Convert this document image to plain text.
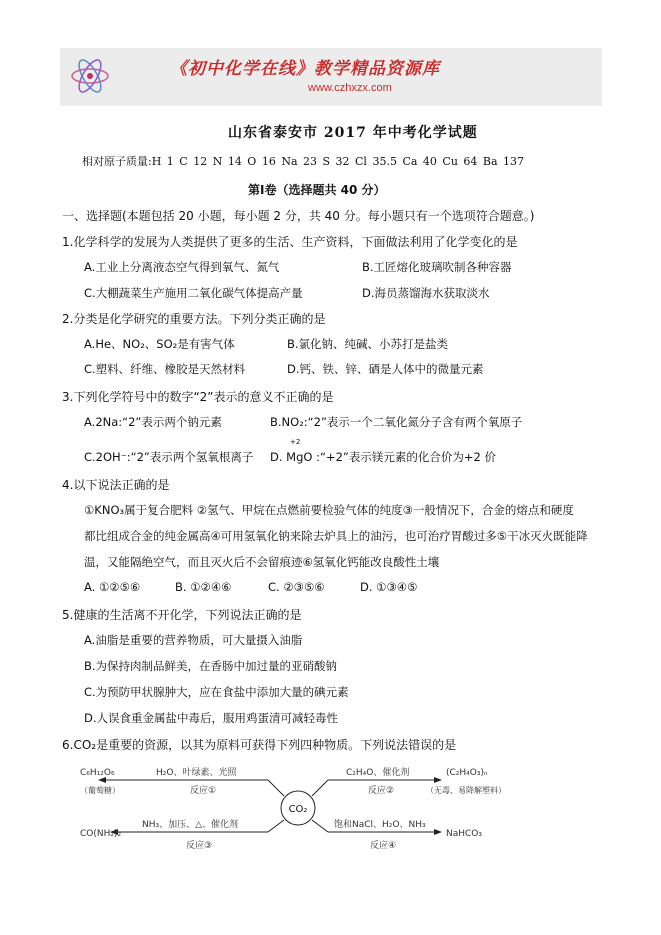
《初中化学在线》教学精品资源库
www.czhxzx.com
山东省泰安市 2017 年中考化学试题
相对原子质量:H 1 C 12 N 14 O 16 Na 23 S 32 Cl 35.5 Ca 40 Cu 64 Ba 137
第Ⅰ卷（选择题共 40 分）
一、选择题(本题包括 20 小题，每小题 2 分，共 40 分。每小题只有一个选项符合题意。)
1.化学科学的发展为人类提供了更多的生活、生产资料，下面做法利用了化学变化的是
A.工业上分离液态空气得到氧气、氮气	B.工匠熔化玻璃吹制各种容器
C.大棚蔬菜生产施用二氧化碳气体提高产量	D.海员蒸馏海水获取淡水
2.分类是化学研究的重要方法。下列分类正确的是
A.He、NO₂、SO₂是有害气体	B.氯化钠、纯碱、小苏打是盐类
C.塑料、纤维、橡胶是天然材料	D.钙、铁、锌、硒是人体中的微量元素
3.下列化学符号中的数字“2”表示的意义不正确的是
A.2Na:“2”表示两个钠元素	B.NO₂:“2”表示一个二氧化氮分子含有两个氧原子
C.2OH⁻:“2”表示两个氢氧根离子
+2
D. MgO :“+2”表示镁元素的化合价为+2 价
4.以下说法正确的是
①KNO₃属于复合肥料 ②氢气、甲烷在点燃前要检验气体的纯度③一般情况下，合金的熔点和硬度
都比组成合金的纯金属高④可用氢氧化钠来除去炉具上的油污，也可治疗胃酸过多⑤干冰灭火既能降
温，又能隔绝空气，而且灭火后不会留痕迹⑥氢氧化钙能改良酸性土壤
A. ①②⑤⑥	B. ①②④⑥	C. ②③⑤⑥	D. ①③④⑤
5.健康的生活离不开化学，下列说法正确的是
A.油脂是重要的营养物质，可大量摄入油脂
B.为保持肉制品鲜美，在香肠中加过量的亚硝酸钠
C.为预防甲状腺肿大，应在食盐中添加大量的碘元素
D.人误食重金属盐中毒后，服用鸡蛋清可减轻毒性
6.CO₂是重要的资源，以其为原料可获得下列四种物质。下列说法错误的是
CO₂
C₆H₁₂O₆
（葡萄糖）
H₂O、叶绿素、光照
反应①
C₂H₄O、催化剂
反应②
(C₂H₄O₃)ₙ
（无毒、易降解塑料）
CO(NH₂)₂
NH₃、加压、△、催化剂
反应③
饱和NaCl、H₂O、NH₃
反应④
NaHCO₃
